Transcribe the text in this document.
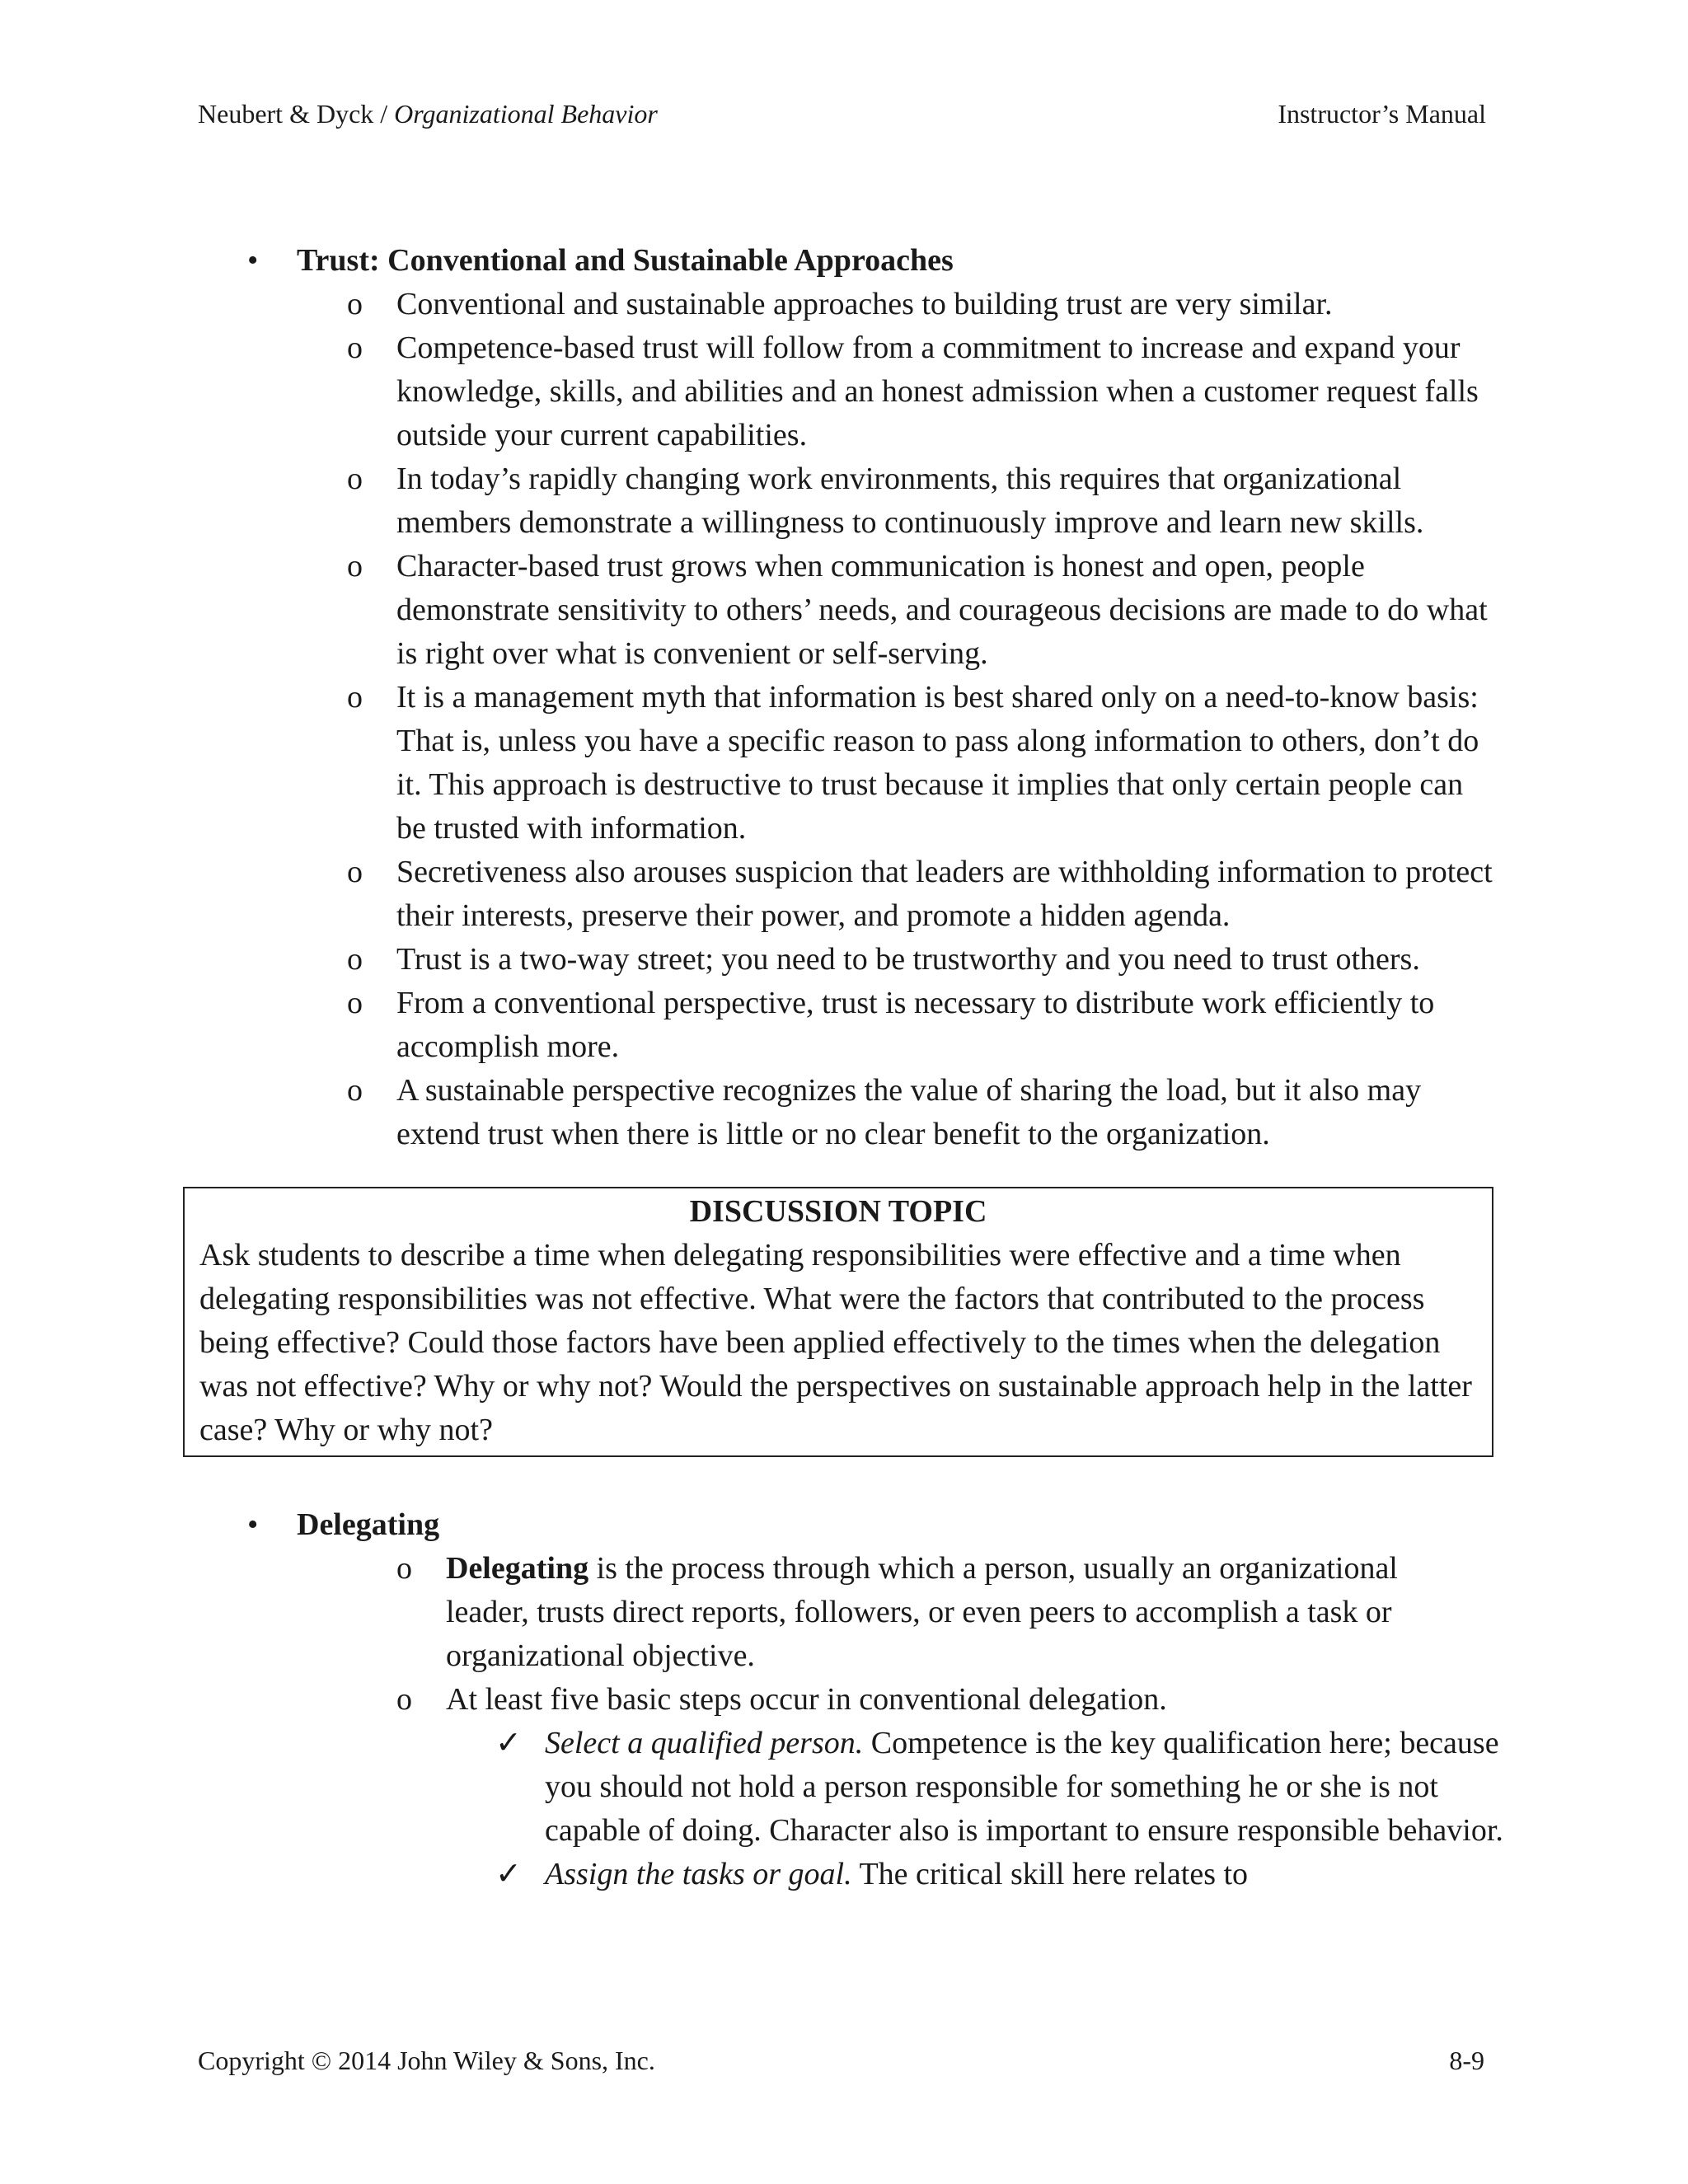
Neubert & Dyck / Organizational Behavior	Instructor’s Manual
•	Trust: Conventional and Sustainable Approaches
o	Conventional and sustainable approaches to building trust are very similar.
o	Competence-based trust will follow from a commitment to increase and expand your knowledge, skills, and abilities and an honest admission when a customer request falls outside your current capabilities.
o	In today’s rapidly changing work environments, this requires that organizational members demonstrate a willingness to continuously improve and learn new skills.
o	Character-based trust grows when communication is honest and open, people demonstrate sensitivity to others’ needs, and courageous decisions are made to do what is right over what is convenient or self-serving.
o	It is a management myth that information is best shared only on a need-to-know basis: That is, unless you have a specific reason to pass along information to others, don’t do it. This approach is destructive to trust because it implies that only certain people can be trusted with information.
o	Secretiveness also arouses suspicion that leaders are withholding information to protect their interests, preserve their power, and promote a hidden agenda.
o	Trust is a two-way street; you need to be trustworthy and you need to trust others.
o	From a conventional perspective, trust is necessary to distribute work efficiently to accomplish more.
o	A sustainable perspective recognizes the value of sharing the load, but it also may extend trust when there is little or no clear benefit to the organization.
DISCUSSION TOPIC
Ask students to describe a time when delegating responsibilities were effective and a time when delegating responsibilities was not effective. What were the factors that contributed to the process being effective? Could those factors have been applied effectively to the times when the delegation was not effective? Why or why not? Would the perspectives on sustainable approach help in the latter case? Why or why not?
•	Delegating
o	Delegating is the process through which a person, usually an organizational leader, trusts direct reports, followers, or even peers to accomplish a task or organizational objective.
o	At least five basic steps occur in conventional delegation.
✓ Select a qualified person. Competence is the key qualification here; because you should not hold a person responsible for something he or she is not capable of doing. Character also is important to ensure responsible behavior.
✓ Assign the tasks or goal. The critical skill here relates to
Copyright © 2014 John Wiley & Sons, Inc.	8-9
